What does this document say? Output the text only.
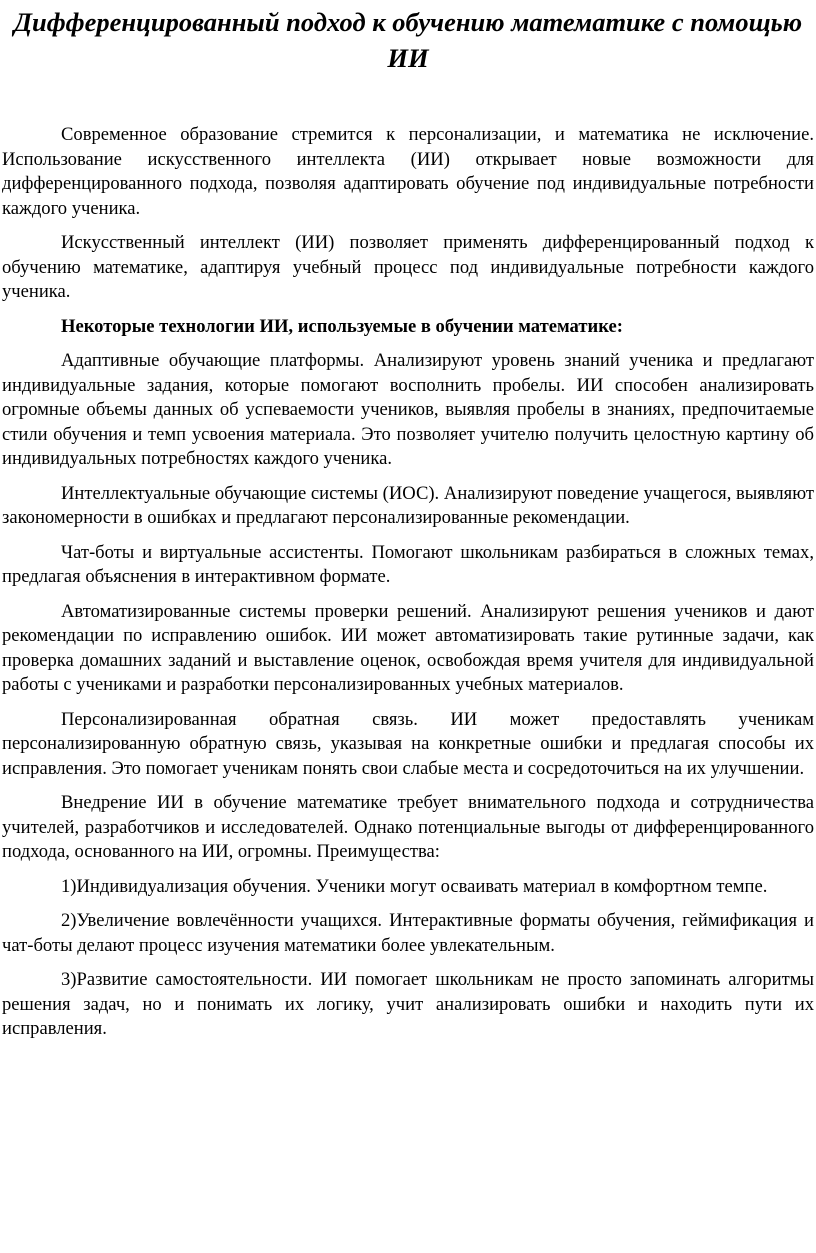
Дифференцированный подход к обучению математике с помощью ИИ

Современное образование стремится к персонализации, и математика не исключение. Использование искусственного интеллекта (ИИ) открывает новые возможности для дифференцированного подхода, позволяя адаптировать обучение под индивидуальные потребности каждого ученика.

Искусственный интеллект (ИИ) позволяет применять дифференцированный подход к обучению математике, адаптируя учебный процесс под индивидуальные потребности каждого ученика.

Некоторые технологии ИИ, используемые в обучении математике:

Адаптивные обучающие платформы. Анализируют уровень знаний ученика и предлагают индивидуальные задания, которые помогают восполнить пробелы. ИИ способен анализировать огромные объемы данных об успеваемости учеников, выявляя пробелы в знаниях, предпочитаемые стили обучения и темп усвоения материала. Это позволяет учителю получить целостную картину об индивидуальных потребностях каждого ученика.

Интеллектуальные обучающие системы (ИОС). Анализируют поведение учащегося, выявляют закономерности в ошибках и предлагают персонализированные рекомендации.

Чат-боты и виртуальные ассистенты. Помогают школьникам разбираться в сложных темах, предлагая объяснения в интерактивном формате.

Автоматизированные системы проверки решений. Анализируют решения учеников и дают рекомендации по исправлению ошибок. ИИ может автоматизировать такие рутинные задачи, как проверка домашних заданий и выставление оценок, освобождая время учителя для индивидуальной работы с учениками и разработки персонализированных учебных материалов.

Персонализированная обратная связь. ИИ может предоставлять ученикам персонализированную обратную связь, указывая на конкретные ошибки и предлагая способы их исправления. Это помогает ученикам понять свои слабые места и сосредоточиться на их улучшении.

Внедрение ИИ в обучение математике требует внимательного подхода и сотрудничества учителей, разработчиков и исследователей. Однако потенциальные выгоды от дифференцированного подхода, основанного на ИИ, огромны. Преимущества:

1)Индивидуализация обучения. Ученики могут осваивать материал в комфортном темпе.

2)Увеличение вовлечённости учащихся. Интерактивные форматы обучения, геймификация и чат-боты делают процесс изучения математики более увлекательным.

3)Развитие самостоятельности. ИИ помогает школьникам не просто запоминать алгоритмы решения задач, но и понимать их логику, учит анализировать ошибки и находить пути их исправления.
